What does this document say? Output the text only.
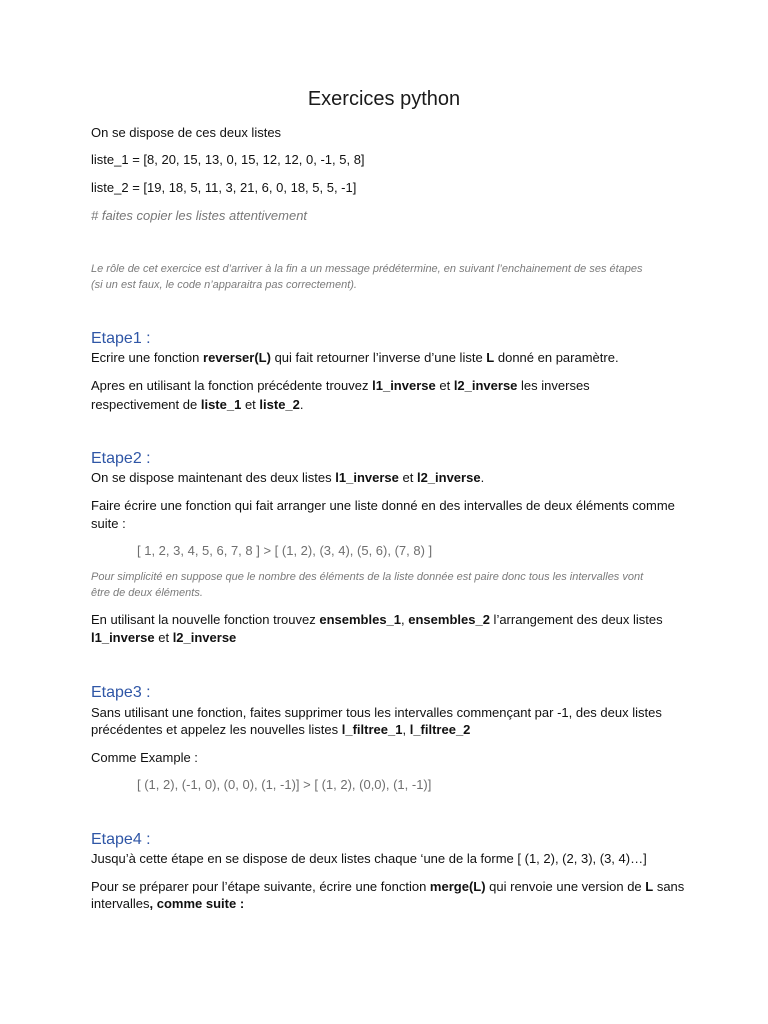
Exercices python
On se dispose de ces deux listes
liste_1 = [8, 20, 15, 13, 0, 15, 12, 12, 0, -1, 5, 8]
liste_2 = [19, 18, 5, 11, 3, 21, 6, 0, 18, 5, 5, -1]
# faites copier les listes attentivement
Le rôle de cet exercice est d’arriver à la fin a un message prédétermine, en suivant l’enchainement de ses étapes
(si un est faux, le code n’apparaitra pas correctement).
Etape1 :
Ecrire une fonction reverser(L) qui fait retourner l’inverse d’une liste L donné en paramètre.
Apres en utilisant la fonction précédente trouvez l1_inverse et l2_inverse les inverses
respectivement de liste_1 et liste_2.
Etape2 :
On se dispose maintenant des deux listes l1_inverse et l2_inverse.
Faire écrire une fonction qui fait arranger une liste donné en des intervalles de deux éléments comme
suite :
[ 1, 2, 3, 4, 5, 6, 7, 8 ] > [ (1, 2), (3, 4), (5, 6), (7, 8) ]
Pour simplicité en suppose que le nombre des éléments de la liste donnée est paire donc tous les intervalles vont
être de deux éléments.
En utilisant la nouvelle fonction trouvez ensembles_1, ensembles_2 l’arrangement des deux listes
l1_inverse et l2_inverse
Etape3 :
Sans utilisant une fonction, faites supprimer tous les intervalles commençant par -1, des deux listes
précédentes et appelez les nouvelles listes l_filtree_1, l_filtree_2
Comme Example :
[ (1, 2), (-1, 0), (0, 0), (1, -1)] > [ (1, 2), (0,0), (1, -1)]
Etape4 :
Jusqu’à cette étape en se dispose de deux listes chaque ‘une de la forme [ (1, 2), (2, 3), (3, 4)…]
Pour se préparer pour l’étape suivante, écrire une fonction merge(L) qui renvoie une version de L sans
intervalles, comme suite :
